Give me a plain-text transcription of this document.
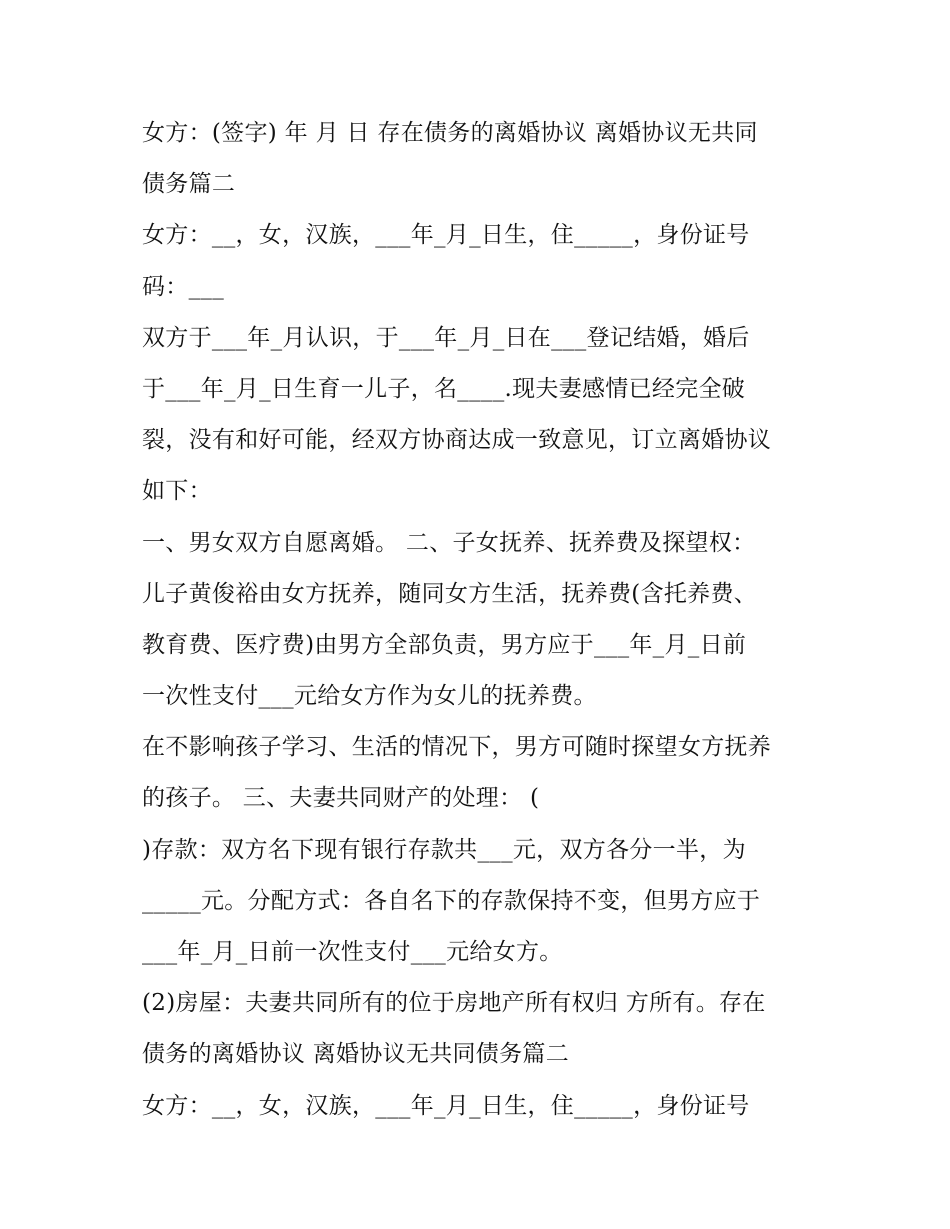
女方：(签字) 年 月 日 存在债务的离婚协议 离婚协议无共同
债务篇二
女方：__，女，汉族，___年_月_日生，住_____，身份证号
码：___
双方于___年_月认识，于___年_月_日在___登记结婚，婚后
于___年_月_日生育一儿子，名____.现夫妻感情已经完全破
裂，没有和好可能，经双方协商达成一致意见，订立离婚协议
如下：
一、男女双方自愿离婚。 二、子女抚养、抚养费及探望权：
儿子黄俊裕由女方抚养，随同女方生活，抚养费(含托养费、
教育费、医疗费)由男方全部负责，男方应于___年_月_日前
一次性支付___元给女方作为女儿的抚养费。
在不影响孩子学习、生活的情况下，男方可随时探望女方抚养
的孩子。 三、夫妻共同财产的处理： (
)存款：双方名下现有银行存款共___元，双方各分一半，为
_____元。分配方式：各自名下的存款保持不变，但男方应于
___年_月_日前一次性支付___元给女方。
(2)房屋：夫妻共同所有的位于房地产所有权归 方所有。存在
债务的离婚协议 离婚协议无共同债务篇二
女方：__，女，汉族，___年_月_日生，住_____，身份证号
